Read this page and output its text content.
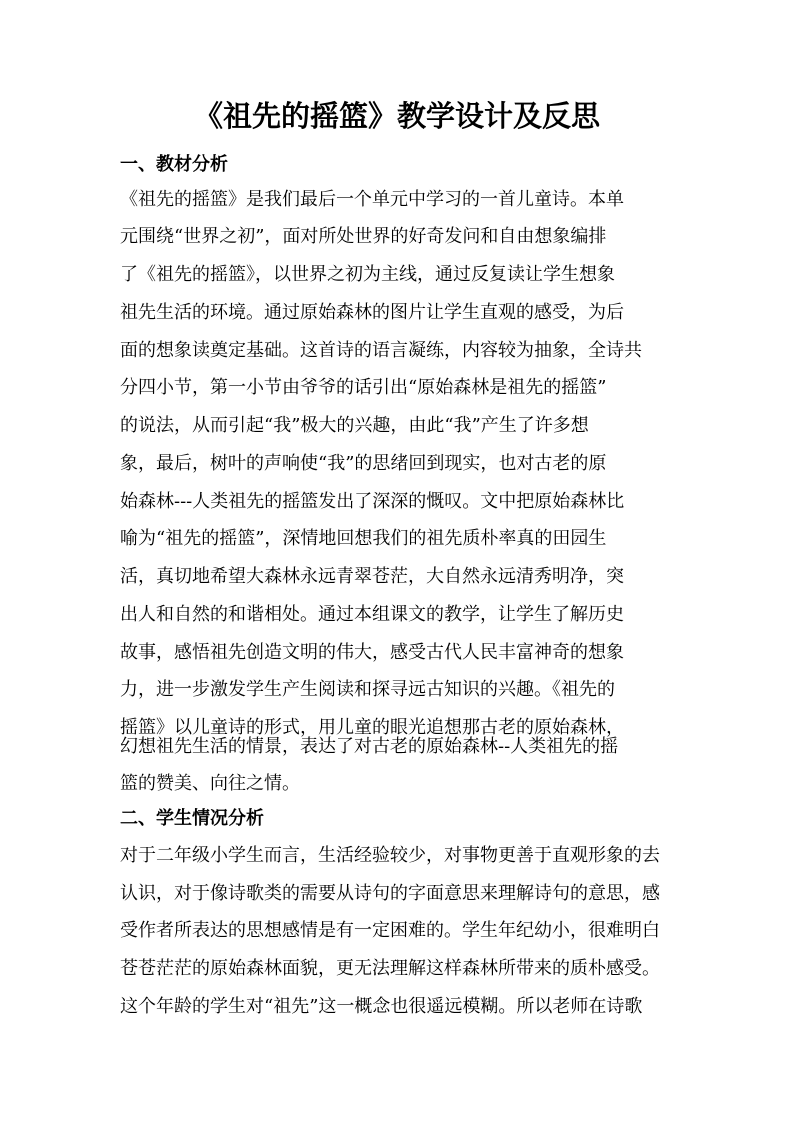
《祖先的摇篮》教学设计及反思
一、教材分析
《祖先的摇篮》是我们最后一个单元中学习的一首儿童诗。本单
元围绕“世界之初”，面对所处世界的好奇发问和自由想象编排
了《祖先的摇篮》，以世界之初为主线，通过反复读让学生想象
祖先生活的环境。通过原始森林的图片让学生直观的感受，为后
面的想象读奠定基础。这首诗的语言凝练，内容较为抽象，全诗共
分四小节，第一小节由爷爷的话引出“原始森林是祖先的摇篮”
的说法，从而引起“我”极大的兴趣，由此“我”产生了许多想
象，最后，树叶的声响使“我”的思绪回到现实，也对古老的原
始森林---人类祖先的摇篮发出了深深的慨叹。文中把原始森林比
喻为“祖先的摇篮”，深情地回想我们的祖先质朴率真的田园生
活，真切地希望大森林永远青翠苍茫，大自然永远清秀明净，突
出人和自然的和谐相处。通过本组课文的教学，让学生了解历史
故事，感悟祖先创造文明的伟大，感受古代人民丰富神奇的想象
力，进一步激发学生产生阅读和探寻远古知识的兴趣。《祖先的
摇篮》以儿童诗的形式，用儿童的眼光追想那古老的原始森林，
幻想祖先生活的情景，表达了对古老的原始森林--人类祖先的摇
篮的赞美、向往之情。
二、学生情况分析
对于二年级小学生而言，生活经验较少，对事物更善于直观形象的去
认识，对于像诗歌类的需要从诗句的字面意思来理解诗句的意思，感
受作者所表达的思想感情是有一定困难的。学生年纪幼小，很难明白
苍苍茫茫的原始森林面貌，更无法理解这样森林所带来的质朴感受。
这个年龄的学生对“祖先”这一概念也很遥远模糊。所以老师在诗歌
